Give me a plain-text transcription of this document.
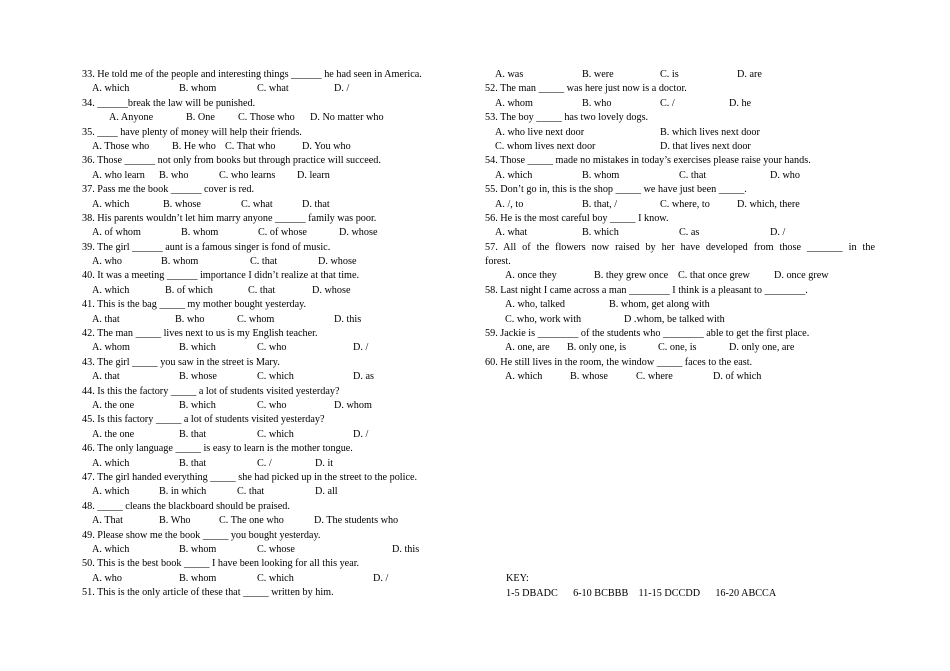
33. He told me of the people and interesting things ______ he had seen in America.
A. which	B. whom	C. what	D. /
34. ______break the law will be punished.
A. Anyone	B. One C. Those who D. No matter who
35. ____ have plenty of money will help their friends.
A. Those who B. He who C. That who	D. You who
36. Those ______ not only from books but through practice will succeed.
A. who learn B. who	C. who learns D. learn
37. Pass me the book ______ cover is red.
A. which	B. whose	C. what	D. that
38. His parents wouldn’t let him marry anyone ______ family was poor.
A. of whom	B. whom	C. of whose	D. whose
39. The girl ______ aunt is a famous singer is fond of music.
A. who	B. whom	C. that	D. whose
40. It was a meeting ______ importance I didn’t realize at that time.
A. which	B. of which	C. that	D. whose
41. This is the bag _____ my mother bought yesterday.
A. that	B. who	C. whom	D. this
42. The man _____ lives next to us is my English teacher.
A. whom	B. which	C. who	D. /
43. The girl _____ you saw in the street is Mary.
A. that	B. whose	C. which	D. as
44. Is this the factory _____ a lot of students visited yesterday?
A. the one	B. which	C. who	D. whom
45. Is this factory _____ a lot of students visited yesterday?
A. the one	B. that	C. which	D. /
46. The only language _____ is easy to learn is the mother tongue.
A. which	B. that	C. /	D. it
47. The girl handed everything _____ she had picked up in the street to the police.
A. which	B. in which	C. that	D. all
48. _____ cleans the blackboard should be praised.
A. That	B. Who	C. The one who	D. The students who
49. Please show me the book _____ you bought yesterday.
A. which	B. whom	C. whose	D. this
50. This is the best book _____ I have been looking for all this year.
A. who	B. whom	C. which	D. /
51. This is the only article of these that _____ written by him.
A. was	B. were	C. is	D. are
52. The man _____ was here just now is a doctor.
A. whom	B. who	C. /	D. he
53. The boy _____ has two lovely dogs.
A. who live next door	B. which lives next door
C. whom lives next door	D. that lives next door
54. Those _____ made no mistakes in today’s exercises please raise your hands.
A. which	B. whom	C. that	D. who
55. Don’t go in, this is the shop _____ we have just been _____.
A. /, to	B. that, /	C. where, to	D. which, there
56. He is the most careful boy _____ I know.
A. what	B. which	C. as	D. /
57. All of the flowers now raised by her have developed from those _______ in the
forest.
A. once they	B. they grew once C. that once grew D. once grew
58. Last night I came across a man ________ I think is a pleasant to ________.
A. who, talked	B. whom, get along with
C. who, work with	D .whom, be talked with
59. Jackie is ________ of the students who ________ able to get the first place.
A. one, are B. only one, is	C. one, is	D. only one, are
60. He still lives in the room, the window _____ faces to the east.
A. which	B. whose	C. where	D. of which
KEY:
1-5 DBADC      6-10 BCBBB    11-15 DCCDD      16-20 ABCCA
